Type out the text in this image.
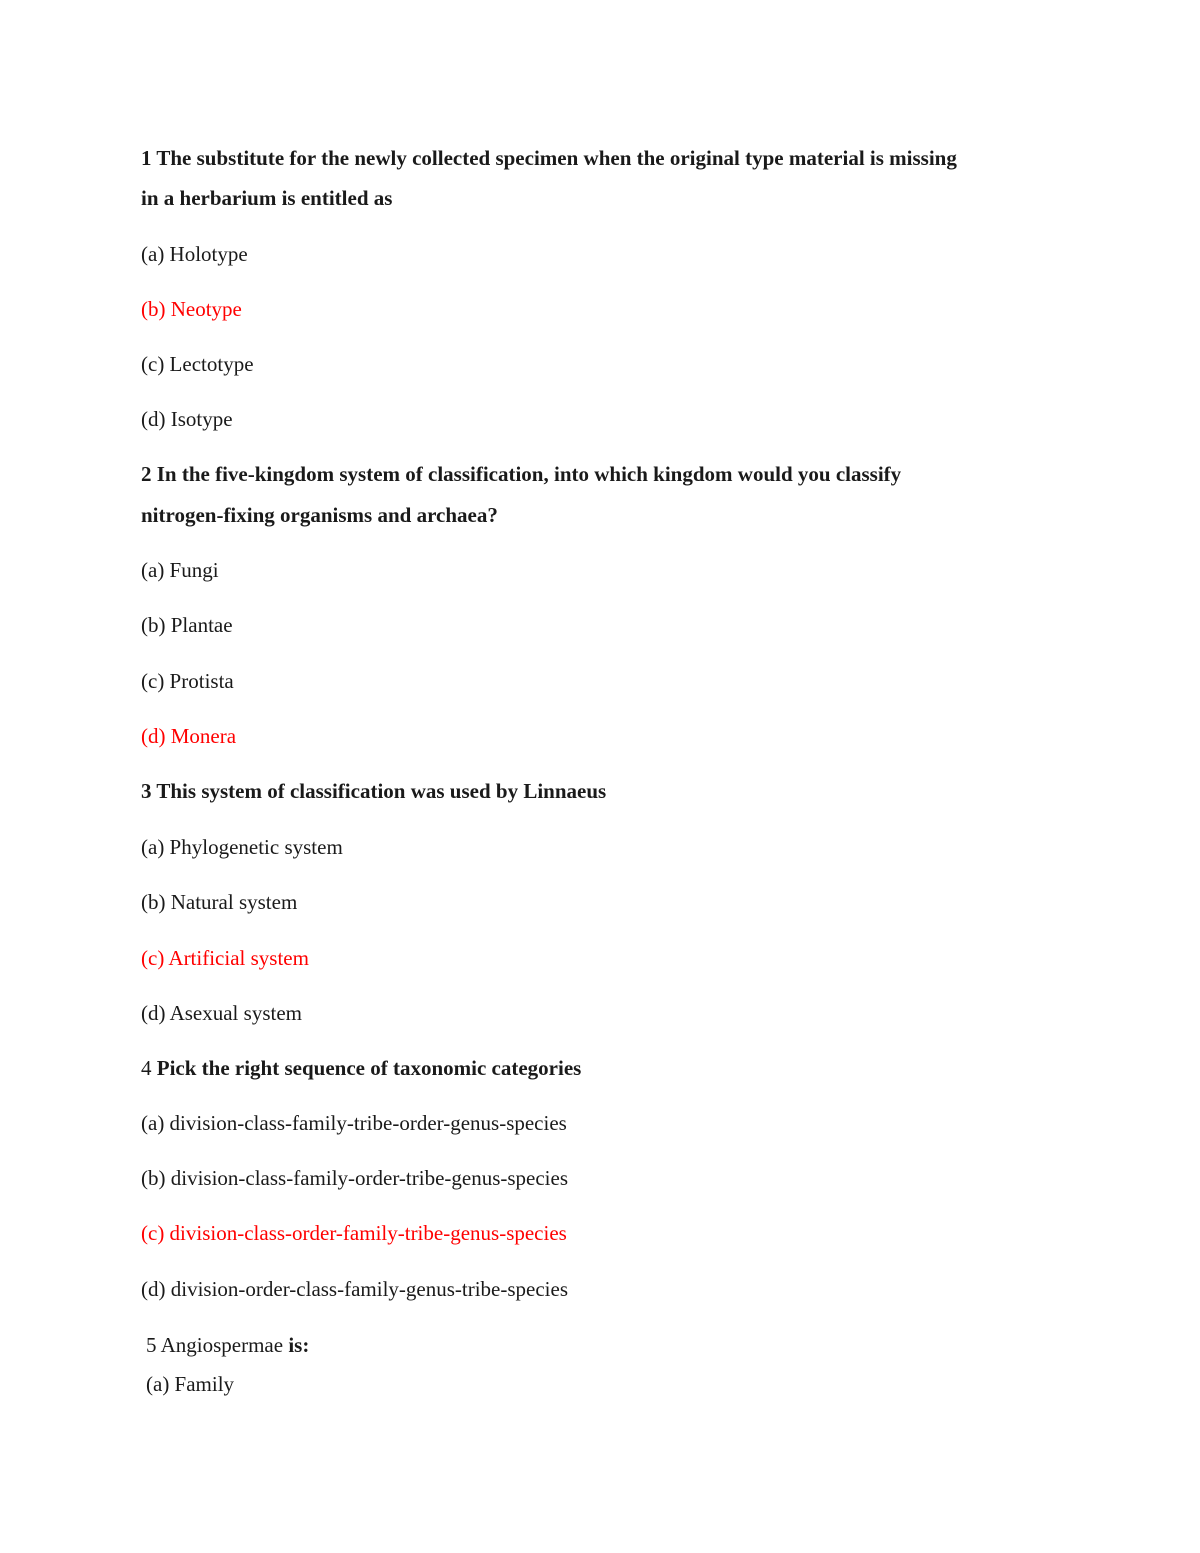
1 The substitute for the newly collected specimen when the original type material is missing
in a herbarium is entitled as
(a) Holotype
(b) Neotype
(c) Lectotype
(d) Isotype
2 In the five-kingdom system of classification, into which kingdom would you classify
nitrogen-fixing organisms and archaea?
(a) Fungi
(b) Plantae
(c) Protista
(d) Monera
3 This system of classification was used by Linnaeus
(a) Phylogenetic system
(b) Natural system
(c) Artificial system
(d) Asexual system
4 Pick the right sequence of taxonomic categories
(a) division-class-family-tribe-order-genus-species
(b) division-class-family-order-tribe-genus-species
(c) division-class-order-family-tribe-genus-species
(d) division-order-class-family-genus-tribe-species
5 Angiospermae is:
(a) Family
